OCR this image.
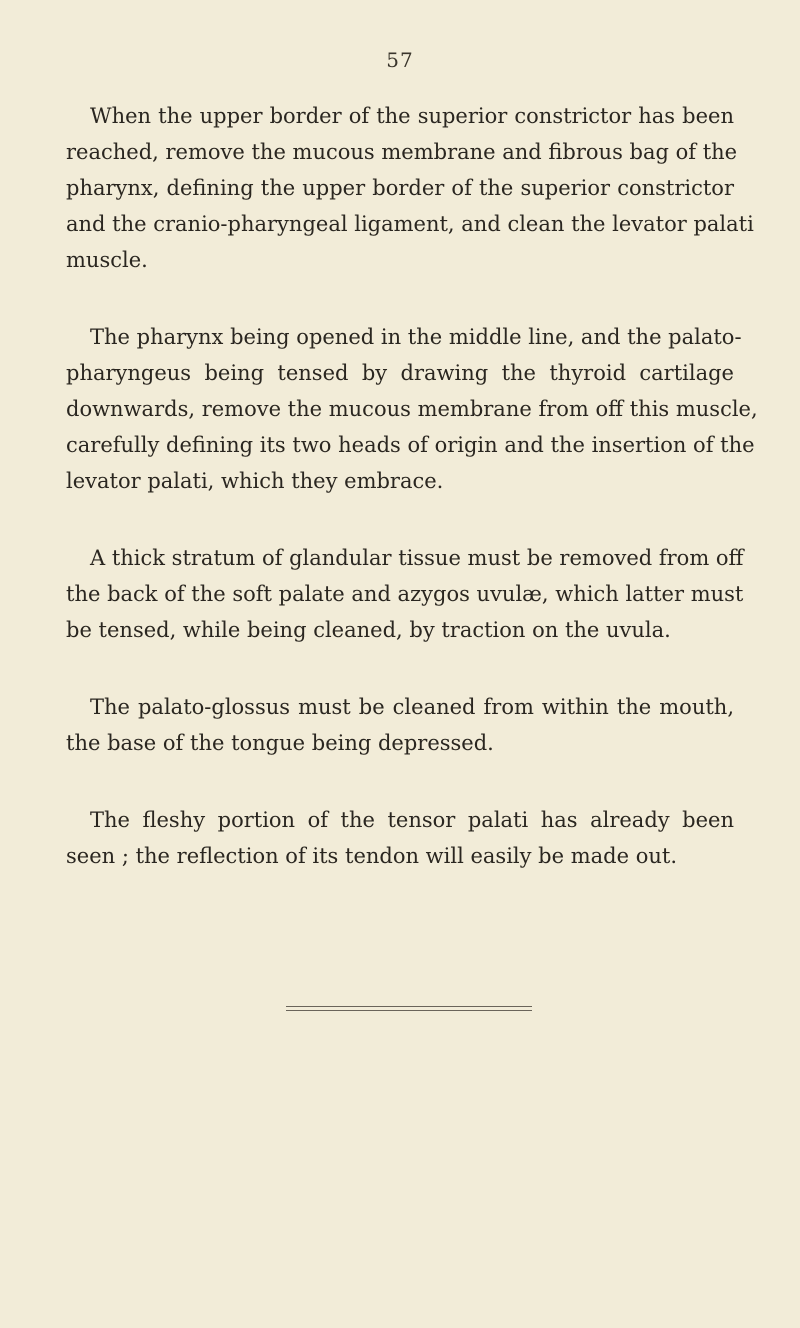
57
When the upper border of the superior constrictor has been
reached, remove the mucous membrane and fibrous bag of the
pharynx, defining the upper border of the superior constrictor
and the cranio-pharyngeal ligament, and clean the levator palati
muscle.
The pharynx being opened in the middle line, and the palato-
pharyngeus being tensed by drawing the thyroid cartilage
downwards, remove the mucous membrane from off this muscle,
carefully defining its two heads of origin and the insertion of the
levator palati, which they embrace.
A thick stratum of glandular tissue must be removed from off
the back of the soft palate and azygos uvulæ, which latter must
be tensed, while being cleaned, by traction on the uvula.
The palato-glossus must be cleaned from within the mouth,
the base of the tongue being depressed.
The fleshy portion of the tensor palati has already been
seen ; the reflection of its tendon will easily be made out.
